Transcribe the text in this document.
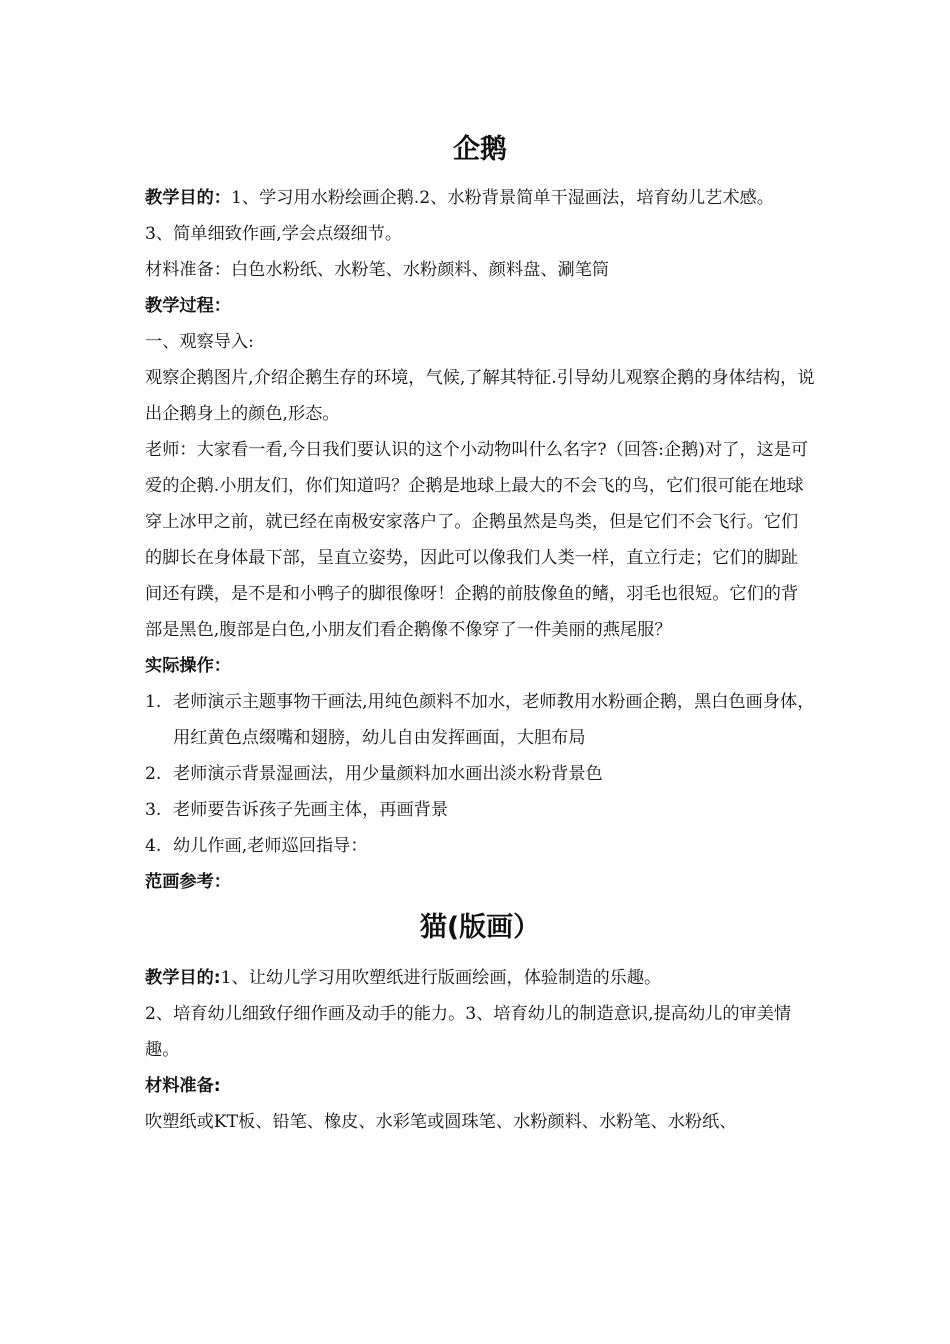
企鹅

教学目的：1、学习用水粉绘画企鹅.2、水粉背景简单干湿画法，培育幼儿艺术感。

3、简单细致作画,学会点缀细节。

材料准备：白色水粉纸、水粉笔、水粉颜料、颜料盘、涮笔筒

教学过程：

一、观察导入:

观察企鹅图片,介绍企鹅生存的环境，气候,了解其特征.引导幼儿观察企鹅的身体结构，说出企鹅身上的颜色,形态。

老师：大家看一看,今日我们要认识的这个小动物叫什么名字?（回答:企鹅)对了，这是可爱的企鹅.小朋友们，你们知道吗？企鹅是地球上最大的不会飞的鸟，它们很可能在地球穿上冰甲之前，就已经在南极安家落户了。企鹅虽然是鸟类，但是它们不会飞行。它们的脚长在身体最下部，呈直立姿势，因此可以像我们人类一样，直立行走；它们的脚趾间还有蹼，是不是和小鸭子的脚很像呀！企鹅的前肢像鱼的鳍，羽毛也很短。它们的背部是黑色,腹部是白色,小朋友们看企鹅像不像穿了一件美丽的燕尾服？

实际操作：

1. 老师演示主题事物干画法,用纯色颜料不加水，老师教用水粉画企鹅，黑白色画身体，用红黄色点缀嘴和翅膀，幼儿自由发挥画面，大胆布局
2. 老师演示背景湿画法，用少量颜料加水画出淡水粉背景色
3. 老师要告诉孩子先画主体，再画背景
4. 幼儿作画,老师巡回指导：

范画参考：

猫(版画）

教学目的:1、让幼儿学习用吹塑纸进行版画绘画，体验制造的乐趣。

2、培育幼儿细致仔细作画及动手的能力。3、培育幼儿的制造意识,提高幼儿的审美情趣。

材料准备:

吹塑纸或KT板、铅笔、橡皮、水彩笔或圆珠笔、水粉颜料、水粉笔、水粉纸、
